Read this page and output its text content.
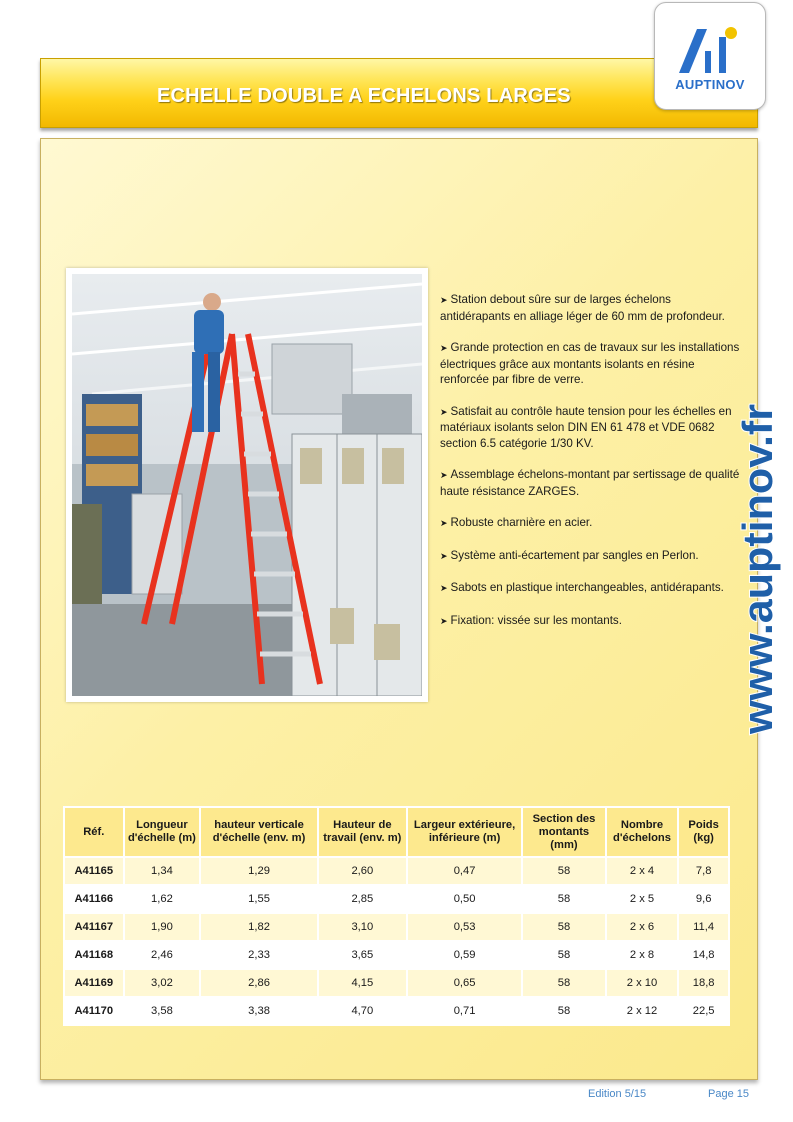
ECHELLE DOUBLE A ECHELONS LARGES
AUPTINOV
➤ Station debout sûre sur de larges échelons antidérapants en alliage léger de 60 mm de profondeur.
➤ Grande protection en cas de travaux sur les installations électriques grâce aux montants isolants en résine renforcée par fibre de verre.
➤ Satisfait au contrôle haute tension pour les échelles en matériaux isolants selon DIN EN 61 478 et VDE 0682 section 6.5 catégorie 1/30 KV.
➤ Assemblage échelons-montant par sertissage de qualité haute résistance ZARGES.
➤ Robuste charnière en acier.
➤ Système anti-écartement par sangles en Perlon.
➤ Sabots en plastique interchangeables, antidérapants.
➤ Fixation: vissée sur les montants.	www.auptinov.fr
Réf.	Longueur d'échelle (m)	hauteur verticale d'échelle (env. m)	Hauteur de travail (env. m)	Largeur extérieure, inférieure (m)	Section des montants (mm)	Nombre d'échelons	Poids (kg)
A41165	1,34	1,29	2,60	0,47	58	2 x 4	7,8
A41166	1,62	1,55	2,85	0,50	58	2 x 5	9,6
A41167	1,90	1,82	3,10	0,53	58	2 x 6	11,4
A41168	2,46	2,33	3,65	0,59	58	2 x 8	14,8
A41169	3,02	2,86	4,15	0,65	58	2 x 10	18,8
A41170	3,58	3,38	4,70	0,71	58	2 x 12	22,5
Edition 5/15	Page 15
